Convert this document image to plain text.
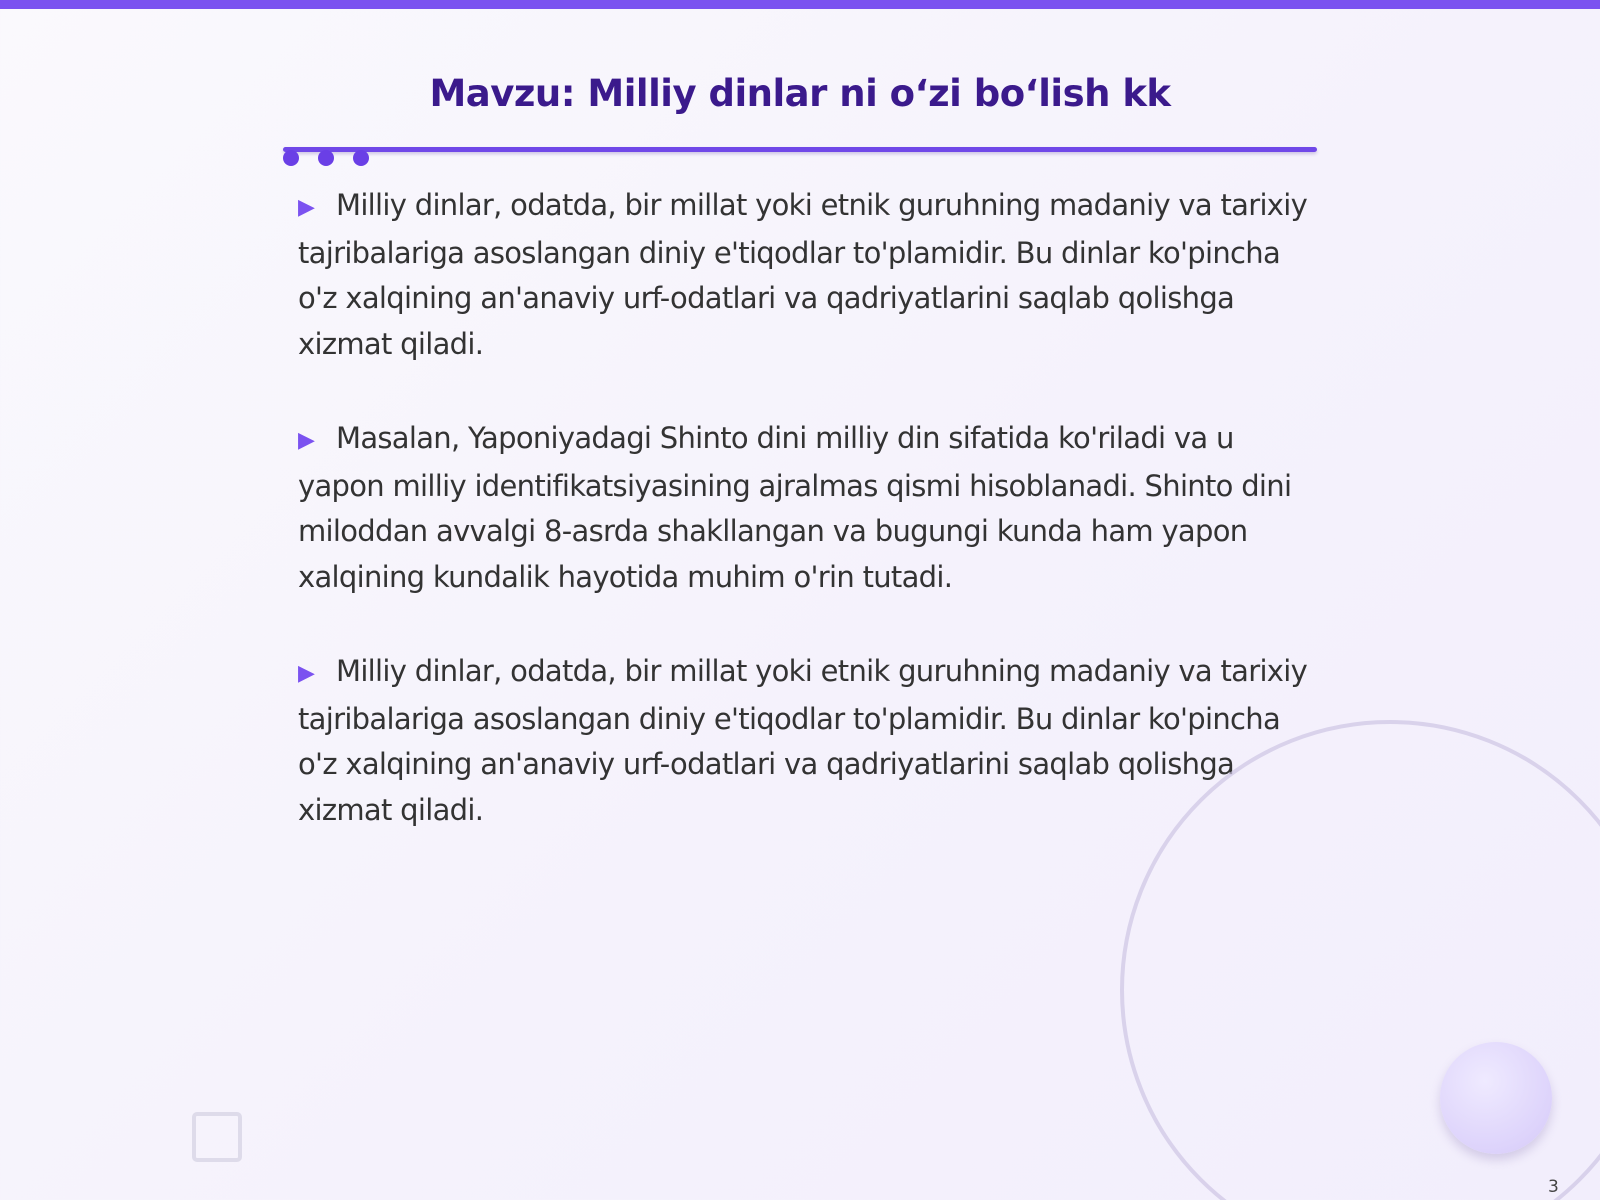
Mavzu: Milliy dinlar ni o‘zi bo‘lish kk

▶ Milliy dinlar, odatda, bir millat yoki etnik guruhning madaniy va tarixiy tajribalariga asoslangan diniy e'tiqodlar to'plamidir. Bu dinlar ko'pincha o'z xalqining an'anaviy urf-odatlari va qadriyatlarini saqlab qolishga xizmat qiladi.

▶ Masalan, Yaponiyadagi Shinto dini milliy din sifatida ko'riladi va u yapon milliy identifikatsiyasining ajralmas qismi hisoblanadi. Shinto dini miloddan avvalgi 8-asrda shakllangan va bugungi kunda ham yapon xalqining kundalik hayotida muhim o'rin tutadi.

▶ Milliy dinlar, odatda, bir millat yoki etnik guruhning madaniy va tarixiy tajribalariga asoslangan diniy e'tiqodlar to'plamidir. Bu dinlar ko'pincha o'z xalqining an'anaviy urf-odatlari va qadriyatlarini saqlab qolishga xizmat qiladi.

3
